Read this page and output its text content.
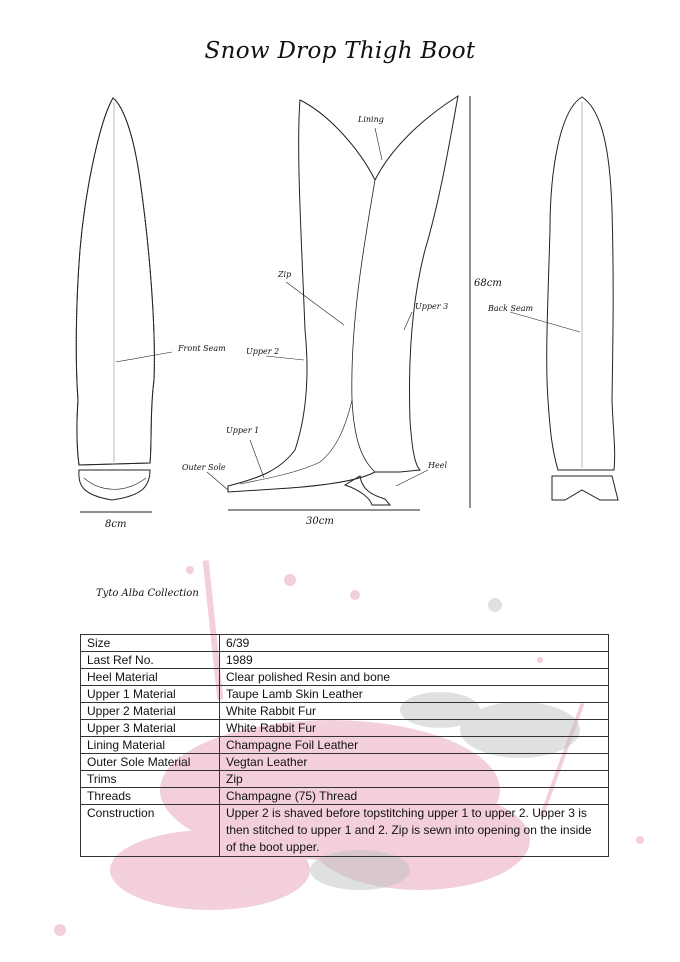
Snow Drop Thigh Boot
Lining
Zip
Upper 3
Upper 2
Front Seam
Upper 1
Outer Sole	Heel
Back Seam
68cm
8cm	30cm
Tyto Alba Collection
Size	6/39
Last Ref No.	1989
Heel Material	Clear polished Resin and bone
Upper 1 Material	Taupe Lamb Skin Leather
Upper 2 Material	White Rabbit Fur
Upper 3 Material	White Rabbit Fur
Lining Material	Champagne Foil Leather
Outer Sole Material	Vegtan Leather
Trims	Zip
Threads	Champagne (75) Thread
Construction	Upper 2 is shaved before topstitching upper 1 to upper 2. Upper 3 is then stitched to upper 1 and 2. Zip is sewn into opening on the inside of the boot upper.
